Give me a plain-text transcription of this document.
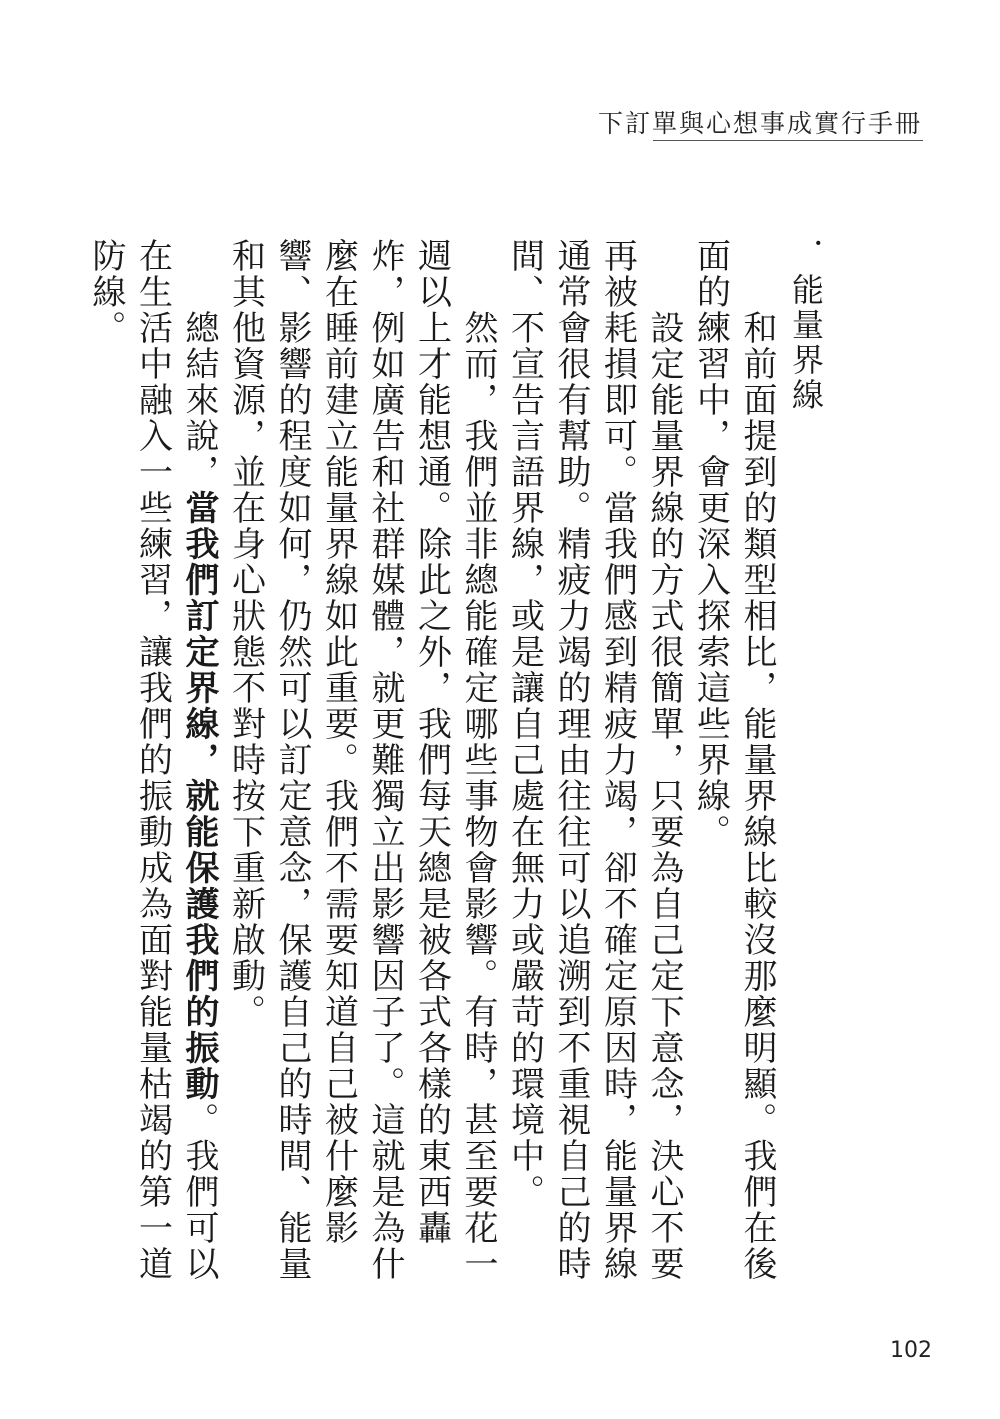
下訂單與心想事成實行手冊
．能量界線

　　和前面提到的類型相比，能量界線比較沒那麼明顯。我們在後面的練習中，會更深入探索這些界線。

　　設定能量界線的方式很簡單，只要為自己定下意念，決心不要再被耗損即可。當我們感到精疲力竭，卻不確定原因時，能量界線通常會很有幫助。精疲力竭的理由往往可以追溯到不重視自己的時間、不宣告言語界線，或是讓自己處在無力或嚴苛的環境中。

　　然而，我們並非總能確定哪些事物會影響。有時，甚至要花一週以上才能想通。除此之外，我們每天總是被各式各樣的東西轟炸，例如廣告和社群媒體，就更難獨立出影響因子了。這就是為什麼在睡前建立能量界線如此重要。我們不需要知道自己被什麼影響、影響的程度如何，仍然可以訂定意念，保護自己的時間、能量和其他資源，並在身心狀態不對時按下重新啟動。

　　總結來說，當我們訂定界線，就能保護我們的振動。我們可以在生活中融入一些練習，讓我們的振動成為面對能量枯竭的第一道防線。

102
